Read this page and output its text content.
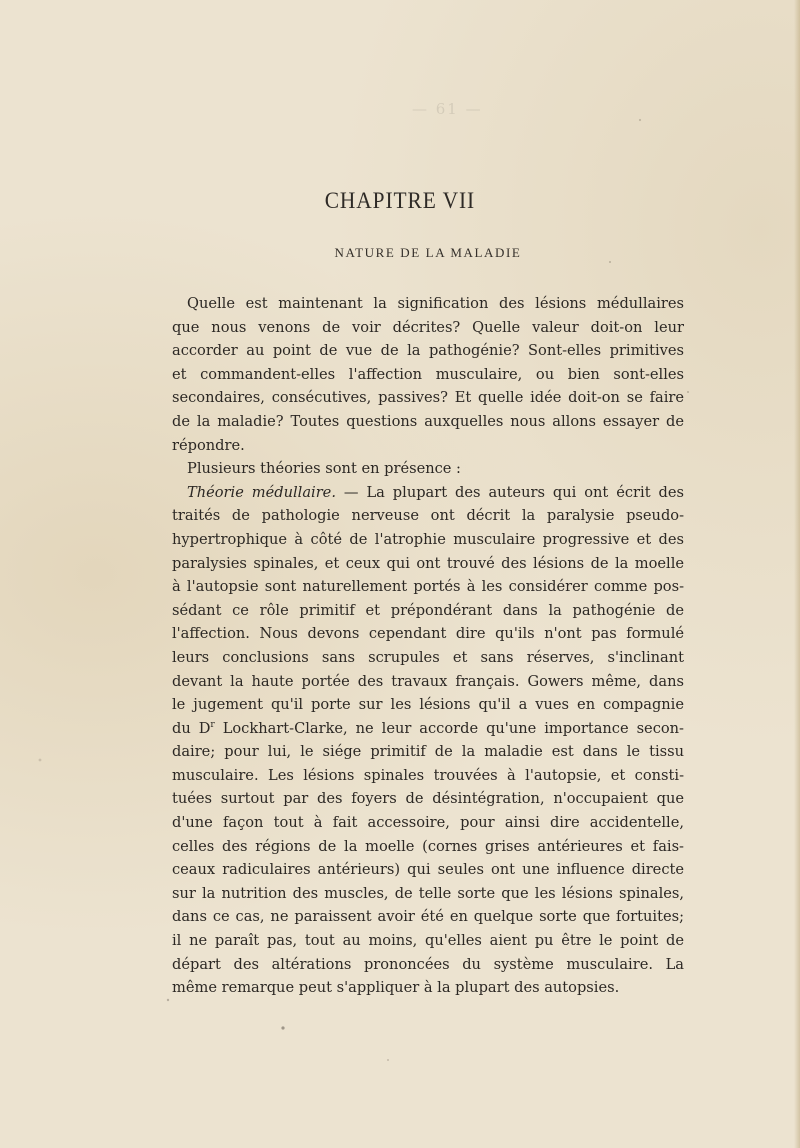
— 61 —
CHAPITRE VII
NATURE DE LA MALADIE
Quelle est maintenant la signification des lésions médullaires
que nous venons de voir décrites? Quelle valeur doit-on leur
accorder au point de vue de la pathogénie? Sont-elles primitives
et commandent-elles l'affection musculaire, ou bien sont-elles
secondaires, consécutives, passives? Et quelle idée doit-on se faire
de la maladie? Toutes questions auxquelles nous allons essayer de
répondre.
Plusieurs théories sont en présence :
Théorie médullaire. — La plupart des auteurs qui ont écrit des
traités de pathologie nerveuse ont décrit la paralysie pseudo-
hypertrophique à côté de l'atrophie musculaire progressive et des
paralysies spinales, et ceux qui ont trouvé des lésions de la moelle
à l'autopsie sont naturellement portés à les considérer comme pos-
sédant ce rôle primitif et prépondérant dans la pathogénie de
l'affection. Nous devons cependant dire qu'ils n'ont pas formulé
leurs conclusions sans scrupules et sans réserves, s'inclinant
devant la haute portée des travaux français. Gowers même, dans
le jugement qu'il porte sur les lésions qu'il a vues en compagnie
du $D^r$ Lockhart-Clarke, ne leur accorde qu'une importance secon-
daire; pour lui, le siége primitif de la maladie est dans le tissu
musculaire. Les lésions spinales trouvées à l'autopsie, et consti-
tuées surtout par des foyers de désintégration, n'occupaient que
d'une façon tout à fait accessoire, pour ainsi dire accidentelle,
celles des régions de la moelle (cornes grises antérieures et fais-
ceaux radiculaires antérieurs) qui seules ont une influence directe
sur la nutrition des muscles, de telle sorte que les lésions spinales,
dans ce cas, ne paraissent avoir été en quelque sorte que fortuites;
il ne paraît pas, tout au moins, qu'elles aient pu être le point de
départ des altérations prononcées du système musculaire. La
même remarque peut s'appliquer à la plupart des autopsies.
